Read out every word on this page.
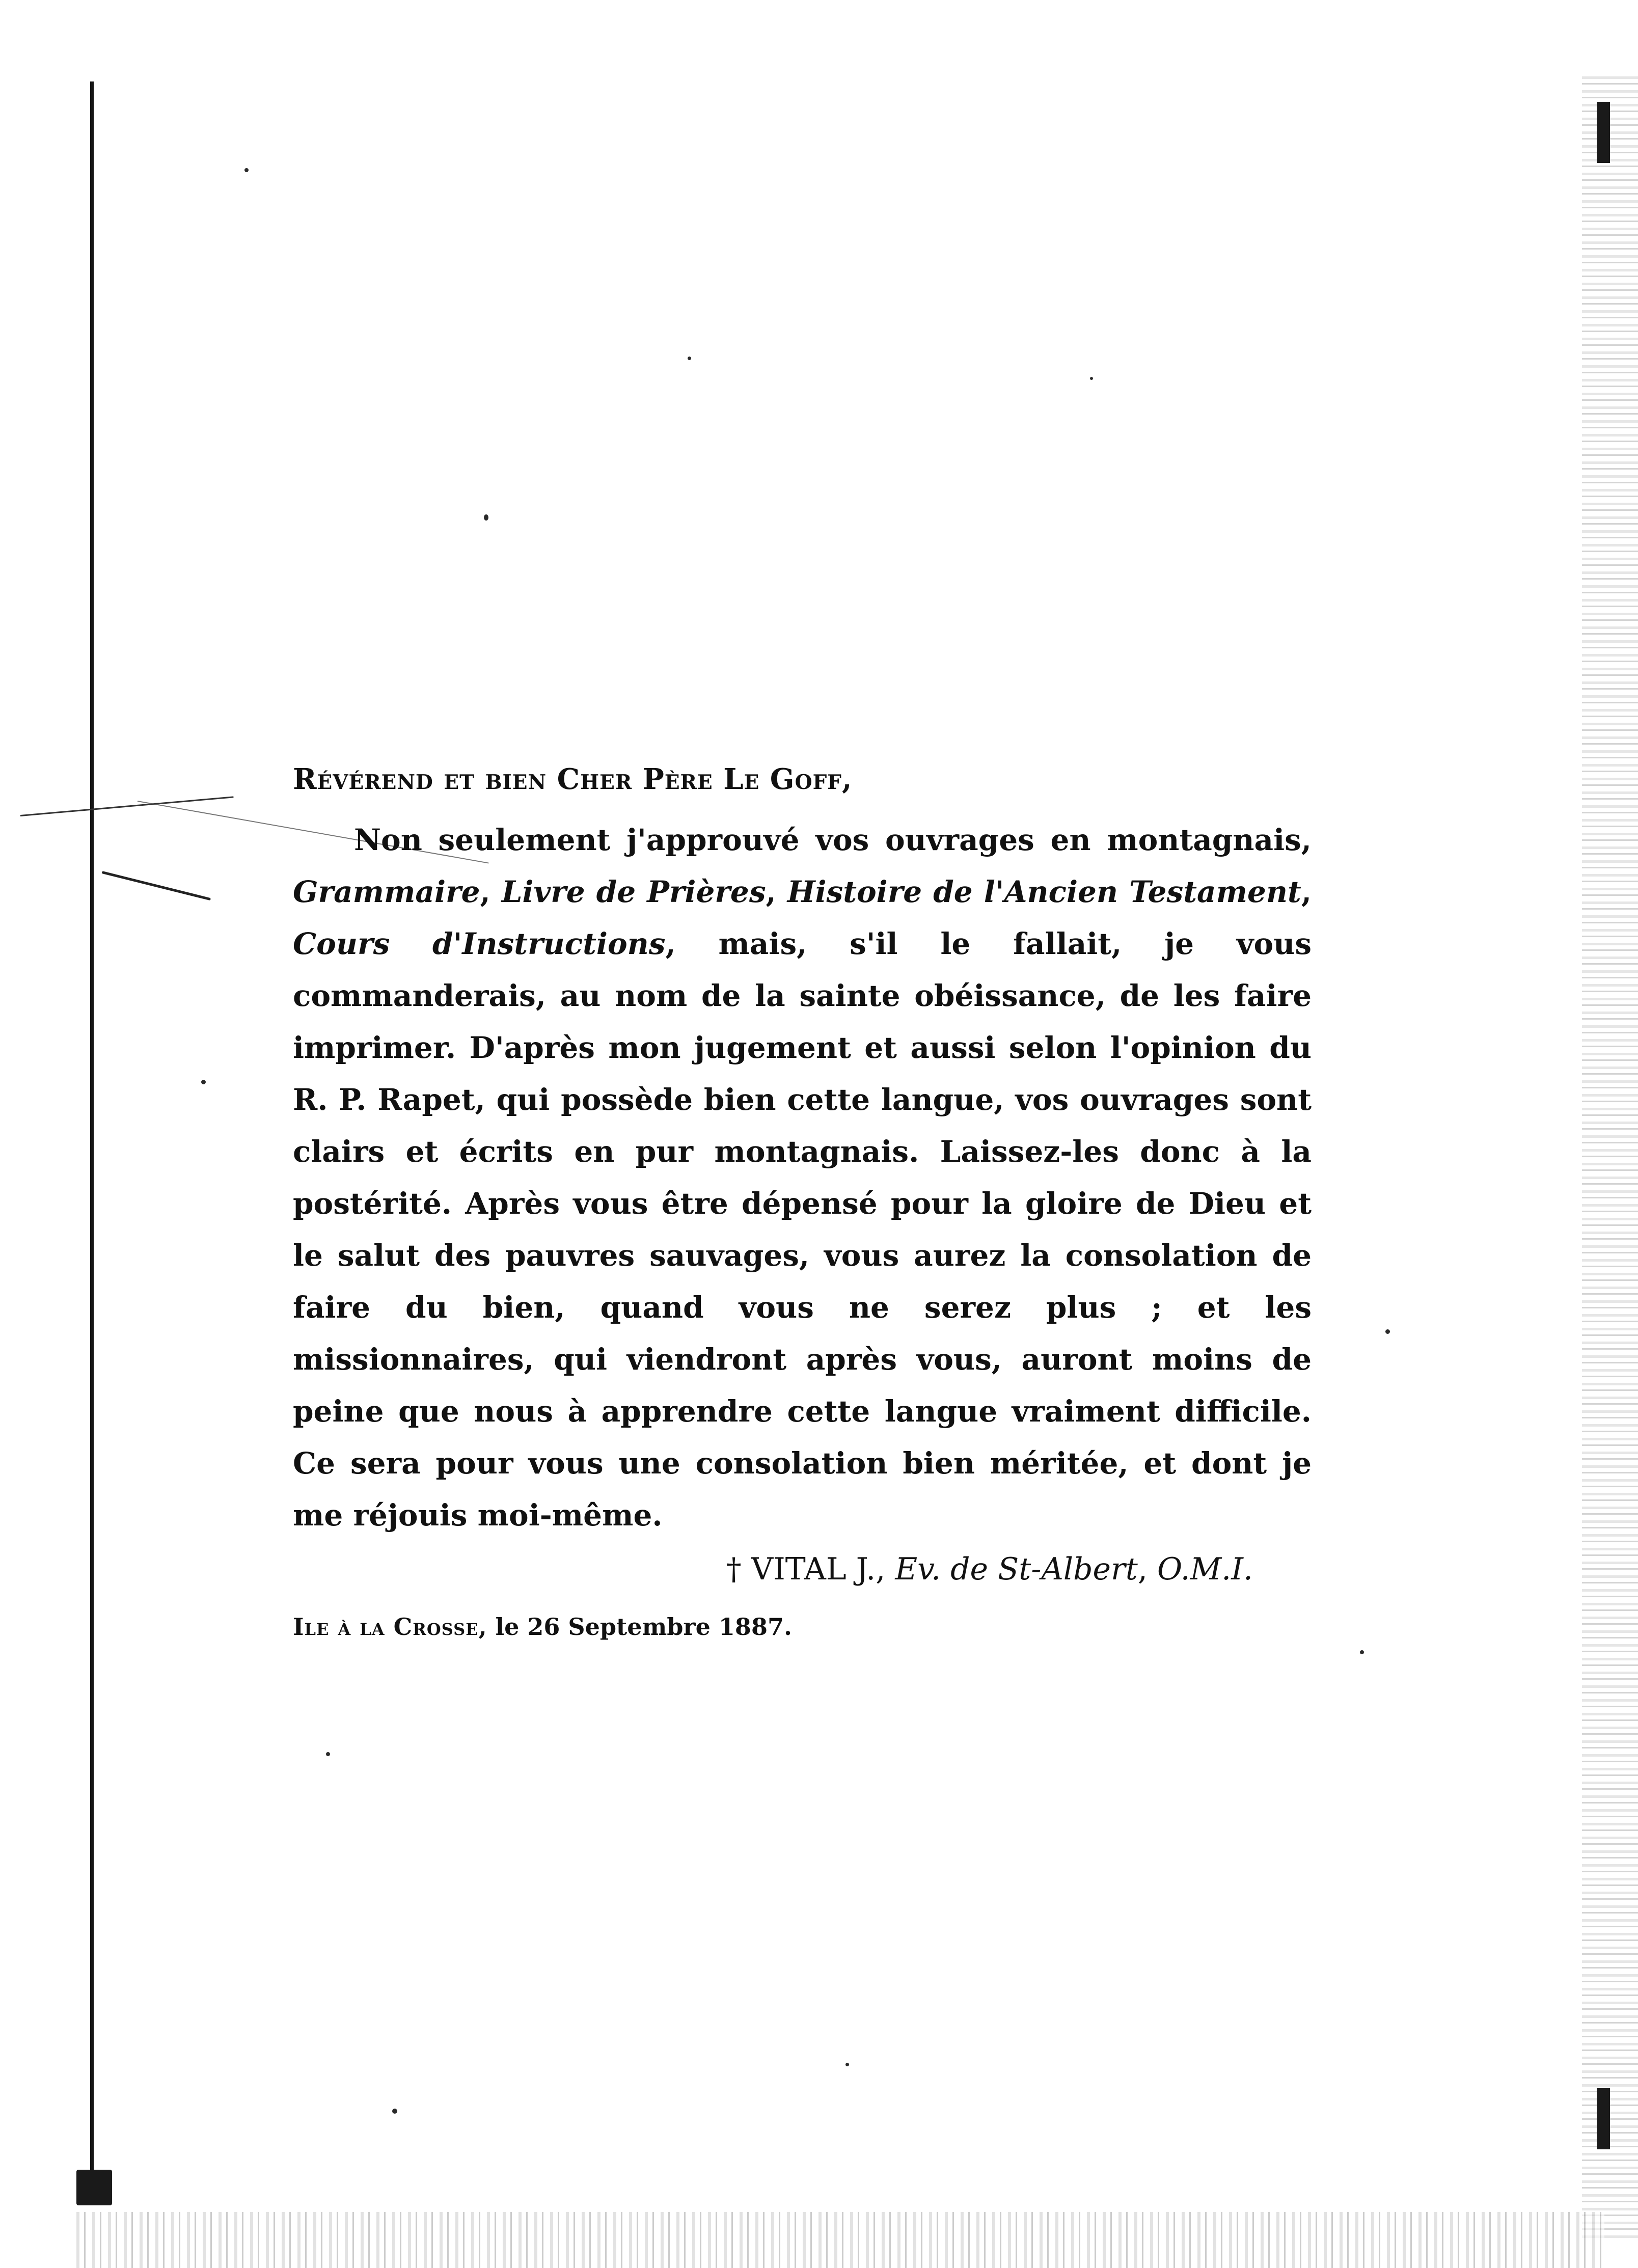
Révérend et bien Cher Père Le Goff,

Non seulement j'approuvé vos ouvrages en montagnais, Grammaire, Livre de Prières, Histoire de l'Ancien Testament, Cours d'Instructions, mais, s'il le fallait, je vous commanderais, au nom de la sainte obéissance, de les faire imprimer. D'après mon jugement et aussi selon l'opinion du R. P. Rapet, qui possède bien cette langue, vos ouvrages sont clairs et écrits en pur montagnais. Laissez-les donc à la postérité. Après vous être dépensé pour la gloire de Dieu et le salut des pauvres sauvages, vous aurez la consolation de faire du bien, quand vous ne serez plus ; et les missionnaires, qui viendront après vous, auront moins de peine que nous à apprendre cette langue vraiment difficile. Ce sera pour vous une consolation bien méritée, et dont je me réjouis moi-même.

† VITAL J., Ev. de St-Albert, O.M.I.

Ile à la Crosse, le 26 Septembre 1887.
